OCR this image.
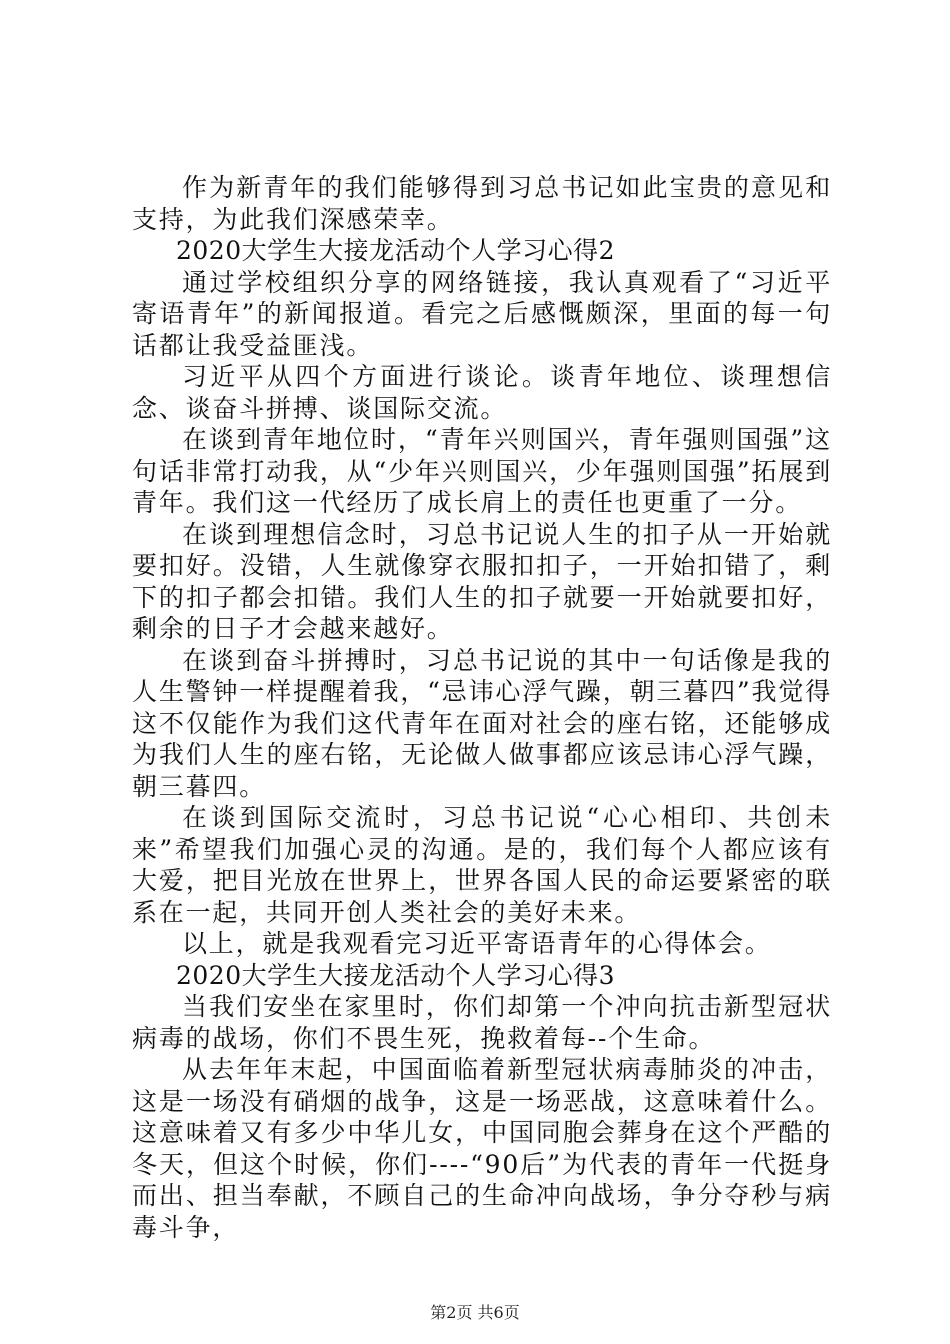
作为新青年的我们能够得到习总书记如此宝贵的意见和支持，为此我们深感荣幸。

2020大学生大接龙活动个人学习心得2

通过学校组织分享的网络链接，我认真观看了“习近平寄语青年”的新闻报道。看完之后感慨颇深，里面的每一句话都让我受益匪浅。

习近平从四个方面进行谈论。谈青年地位、谈理想信念、谈奋斗拼搏、谈国际交流。

在谈到青年地位时，“青年兴则国兴，青年强则国强”这句话非常打动我，从“少年兴则国兴，少年强则国强”拓展到青年。我们这一代经历了成长肩上的责任也更重了一分。

在谈到理想信念时，习总书记说人生的扣子从一开始就要扣好。没错，人生就像穿衣服扣扣子，一开始扣错了，剩下的扣子都会扣错。我们人生的扣子就要一开始就要扣好，剩余的日子才会越来越好。

在谈到奋斗拼搏时，习总书记说的其中一句话像是我的人生警钟一样提醒着我，“忌讳心浮气躁，朝三暮四”我觉得这不仅能作为我们这代青年在面对社会的座右铭，还能够成为我们人生的座右铭，无论做人做事都应该忌讳心浮气躁，朝三暮四。

在谈到国际交流时，习总书记说“心心相印、共创未来”希望我们加强心灵的沟通。是的，我们每个人都应该有大爱，把目光放在世界上，世界各国人民的命运要紧密的联系在一起，共同开创人类社会的美好未来。

以上，就是我观看完习近平寄语青年的心得体会。

2020大学生大接龙活动个人学习心得3

当我们安坐在家里时，你们却第一个冲向抗击新型冠状病毒的战场，你们不畏生死，挽救着每--个生命。

从去年年末起，中国面临着新型冠状病毒肺炎的冲击，这是一场没有硝烟的战争，这是一场恶战，这意味着什么。这意味着又有多少中华儿女，中国同胞会葬身在这个严酷的冬天，但这个时候，你们----“90后”为代表的青年一代挺身而出、担当奉献，不顾自己的生命冲向战场，争分夺秒与病毒斗争，

第2页 共6页
